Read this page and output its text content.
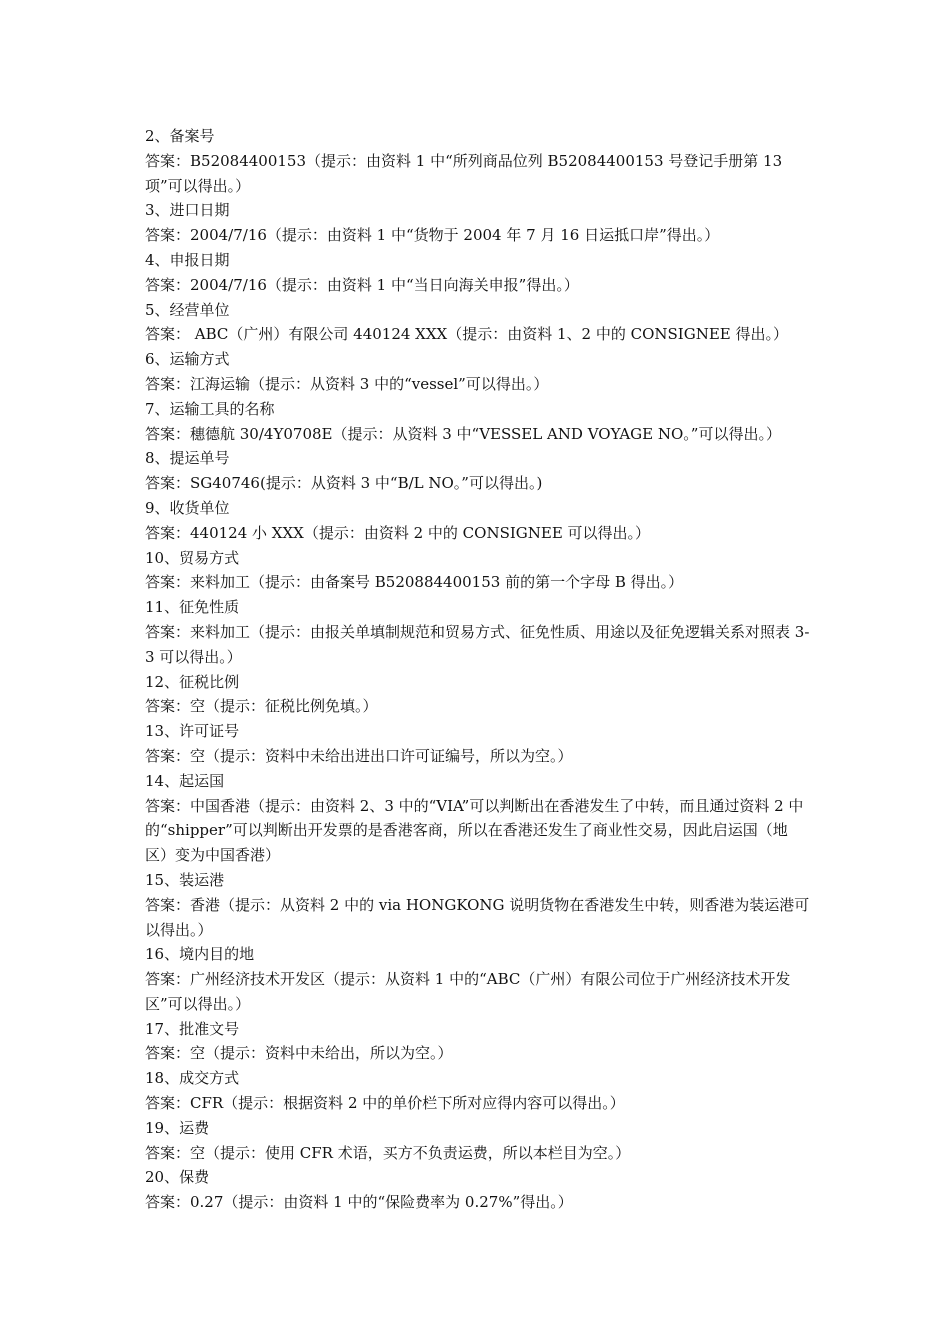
2、备案号

答案：B52084400153（提示：由资料 1 中“所列商品位列 B52084400153 号登记手册第 13 项”可以得出。）

3、进口日期

答案：2004/7/16（提示：由资料 1 中“货物于 2004 年 7 月 16 日运抵口岸”得出。）

4、申报日期

答案：2004/7/16（提示：由资料 1 中“当日向海关申报”得出。）

5、经营单位

答案： ABC（广州）有限公司 440124 XXX（提示：由资料 1、2 中的 CONSIGNEE 得出。）

6、运输方式

答案：江海运输（提示：从资料 3 中的“vessel”可以得出。）

7、运输工具的名称

答案：穗德航 30/4Y0708E（提示：从资料 3 中“VESSEL AND VOYAGE NO。”可以得出。）

8、提运单号

答案：SG40746(提示：从资料 3 中“B/L NO。”可以得出。)

9、收货单位

答案：440124 小 XXX（提示：由资料 2 中的 CONSIGNEE 可以得出。）

10、贸易方式

答案：来料加工（提示：由备案号 B520884400153 前的第一个字母 B 得出。）

11、征免性质

答案：来料加工（提示：由报关单填制规范和贸易方式、征免性质、用途以及征免逻辑关系对照表 3-3 可以得出。）

12、征税比例

答案：空（提示：征税比例免填。）

13、许可证号

答案：空（提示：资料中未给出进出口许可证编号，所以为空。）

14、起运国

答案：中国香港（提示：由资料 2、3 中的“VIA”可以判断出在香港发生了中转，而且通过资料 2 中的“shipper”可以判断出开发票的是香港客商，所以在香港还发生了商业性交易，因此启运国（地区）变为中国香港）

15、装运港

答案：香港（提示：从资料 2 中的 via HONGKONG 说明货物在香港发生中转，则香港为装运港可以得出。）

16、境内目的地

答案：广州经济技术开发区（提示：从资料 1 中的“ABC（广州）有限公司位于广州经济技术开发区”可以得出。）

17、批准文号

答案：空（提示：资料中未给出，所以为空。）

18、成交方式

答案：CFR（提示：根据资料 2 中的单价栏下所对应得内容可以得出。）

19、运费

答案：空（提示：使用 CFR 术语，买方不负责运费，所以本栏目为空。）

20、保费

答案：0.27（提示：由资料 1 中的“保险费率为 0.27%”得出。）
